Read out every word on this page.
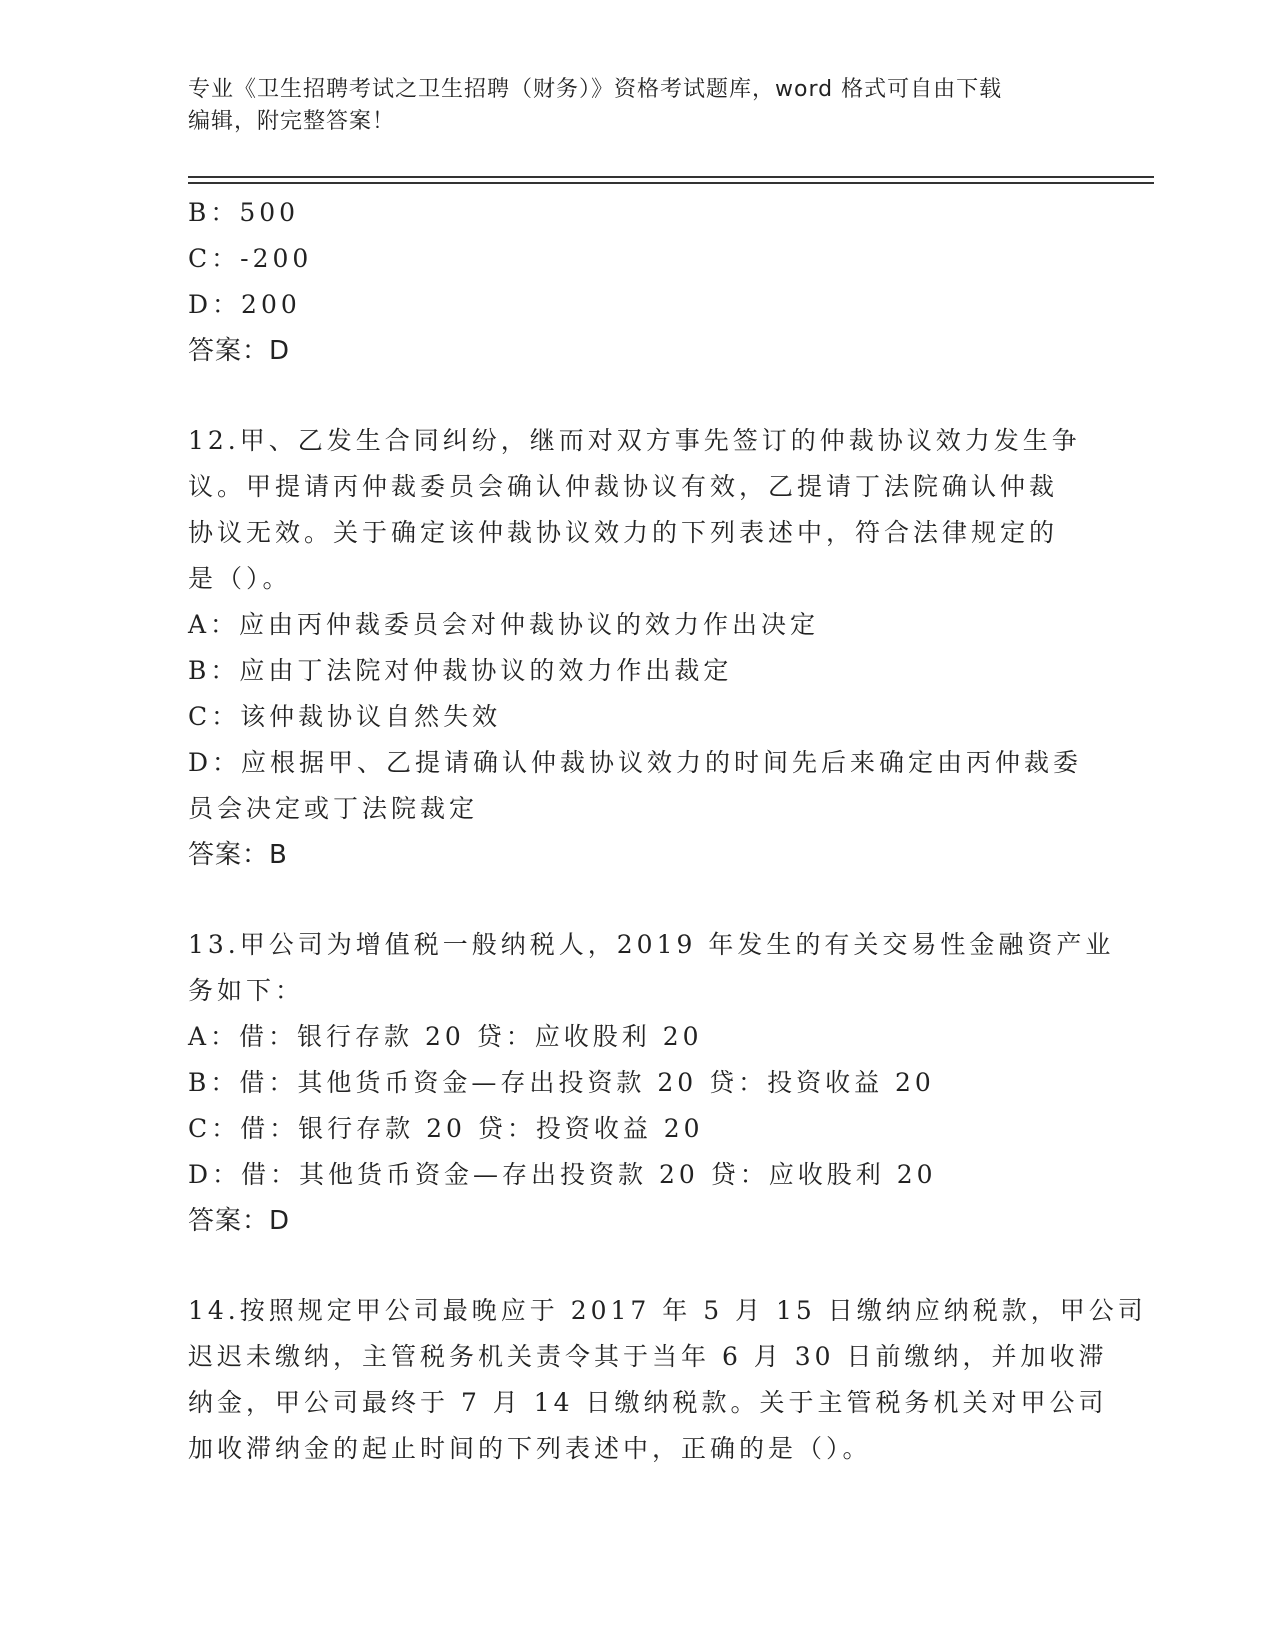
专业《卫生招聘考试之卫生招聘（财务）》资格考试题库，word 格式可自由下载
编辑，附完整答案！
B：500
C：-200
D：200
答案：D
12.甲、乙发生合同纠纷，继而对双方事先签订的仲裁协议效力发生争
议。甲提请丙仲裁委员会确认仲裁协议有效，乙提请丁法院确认仲裁
协议无效。关于确定该仲裁协议效力的下列表述中，符合法律规定的
是（）。
A：应由丙仲裁委员会对仲裁协议的效力作出决定
B：应由丁法院对仲裁协议的效力作出裁定
C：该仲裁协议自然失效
D：应根据甲、乙提请确认仲裁协议效力的时间先后来确定由丙仲裁委
员会决定或丁法院裁定
答案：B
13.甲公司为增值税一般纳税人，2019 年发生的有关交易性金融资产业
务如下：
A：借：银行存款 20 贷：应收股利 20
B：借：其他货币资金—存出投资款 20 贷：投资收益 20
C：借：银行存款 20 贷：投资收益 20
D：借：其他货币资金—存出投资款 20 贷：应收股利 20
答案：D
14.按照规定甲公司最晚应于 2017 年 5 月 15 日缴纳应纳税款，甲公司
迟迟未缴纳，主管税务机关责令其于当年 6 月 30 日前缴纳，并加收滞
纳金，甲公司最终于 7 月 14 日缴纳税款。关于主管税务机关对甲公司
加收滞纳金的起止时间的下列表述中，正确的是（）。
